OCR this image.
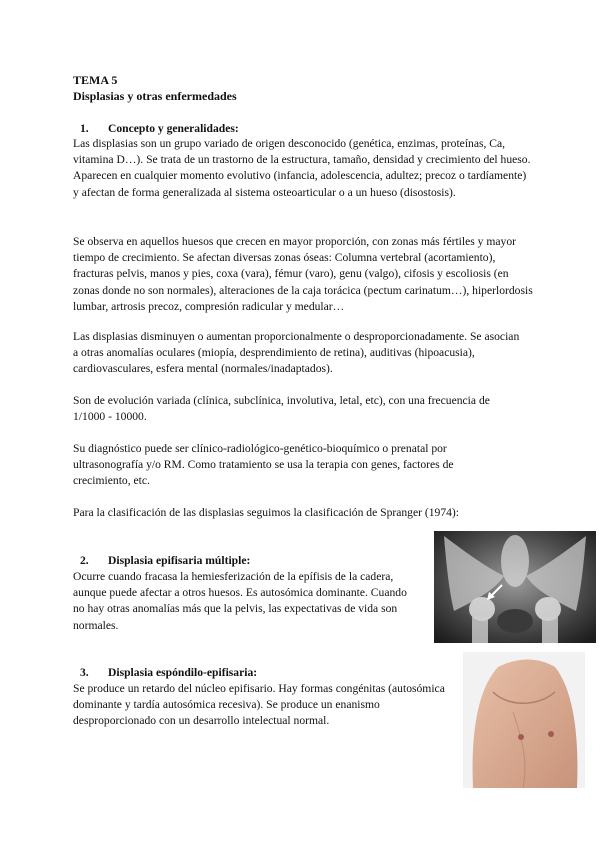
TEMA 5

Displasias y otras enfermedades

1. Concepto y generalidades:

Las displasias son un grupo variado de origen desconocido (genética, enzimas, proteínas, Ca, vitamina D…). Se trata de un trastorno de la estructura, tamaño, densidad y crecimiento del hueso. Aparecen en cualquier momento evolutivo (infancia, adolescencia, adultez; precoz o tardíamente) y afectan de forma generalizada al sistema osteoarticular o a un hueso (disostosis).

Se observa en aquellos huesos que crecen en mayor proporción, con zonas más fértiles y mayor tiempo de crecimiento. Se afectan diversas zonas óseas: Columna vertebral (acortamiento), fracturas pelvis, manos y pies, coxa (vara), fémur (varo), genu (valgo), cifosis y escoliosis (en zonas donde no son normales), alteraciones de la caja torácica (pectum carinatum…), hiperlordosis lumbar, artrosis precoz, compresión radicular y medular…

Las displasias disminuyen o aumentan proporcionalmente o desproporcionadamente. Se asocian a otras anomalías oculares (miopía, desprendimiento de retina), auditivas (hipoacusia), cardiovasculares, esfera mental (normales/inadaptados).

Son de evolución variada (clínica, subclínica, involutiva, letal, etc), con una frecuencia de 1/1000 - 10000.

Su diagnóstico puede ser clínico-radiológico-genético-bioquímico o prenatal por ultrasonografía y/o RM. Como tratamiento se usa la terapia con genes, factores de crecimiento, etc.

Para la clasificación de las displasias seguimos la clasificación de Spranger (1974):

2. Displasia epifisaria múltiple:

Ocurre cuando fracasa la hemiesferización de la epífisis de la cadera, aunque puede afectar a otros huesos. Es autosómica dominante. Cuando no hay otras anomalías más que la pelvis, las expectativas de vida son normales.

3. Displasia espóndilo-epifisaria:

Se produce un retardo del núcleo epifisario. Hay formas congénitas (autosómica dominante y tardía autosómica recesiva). Se produce un enanismo desproporcionado con un desarrollo intelectual normal.
